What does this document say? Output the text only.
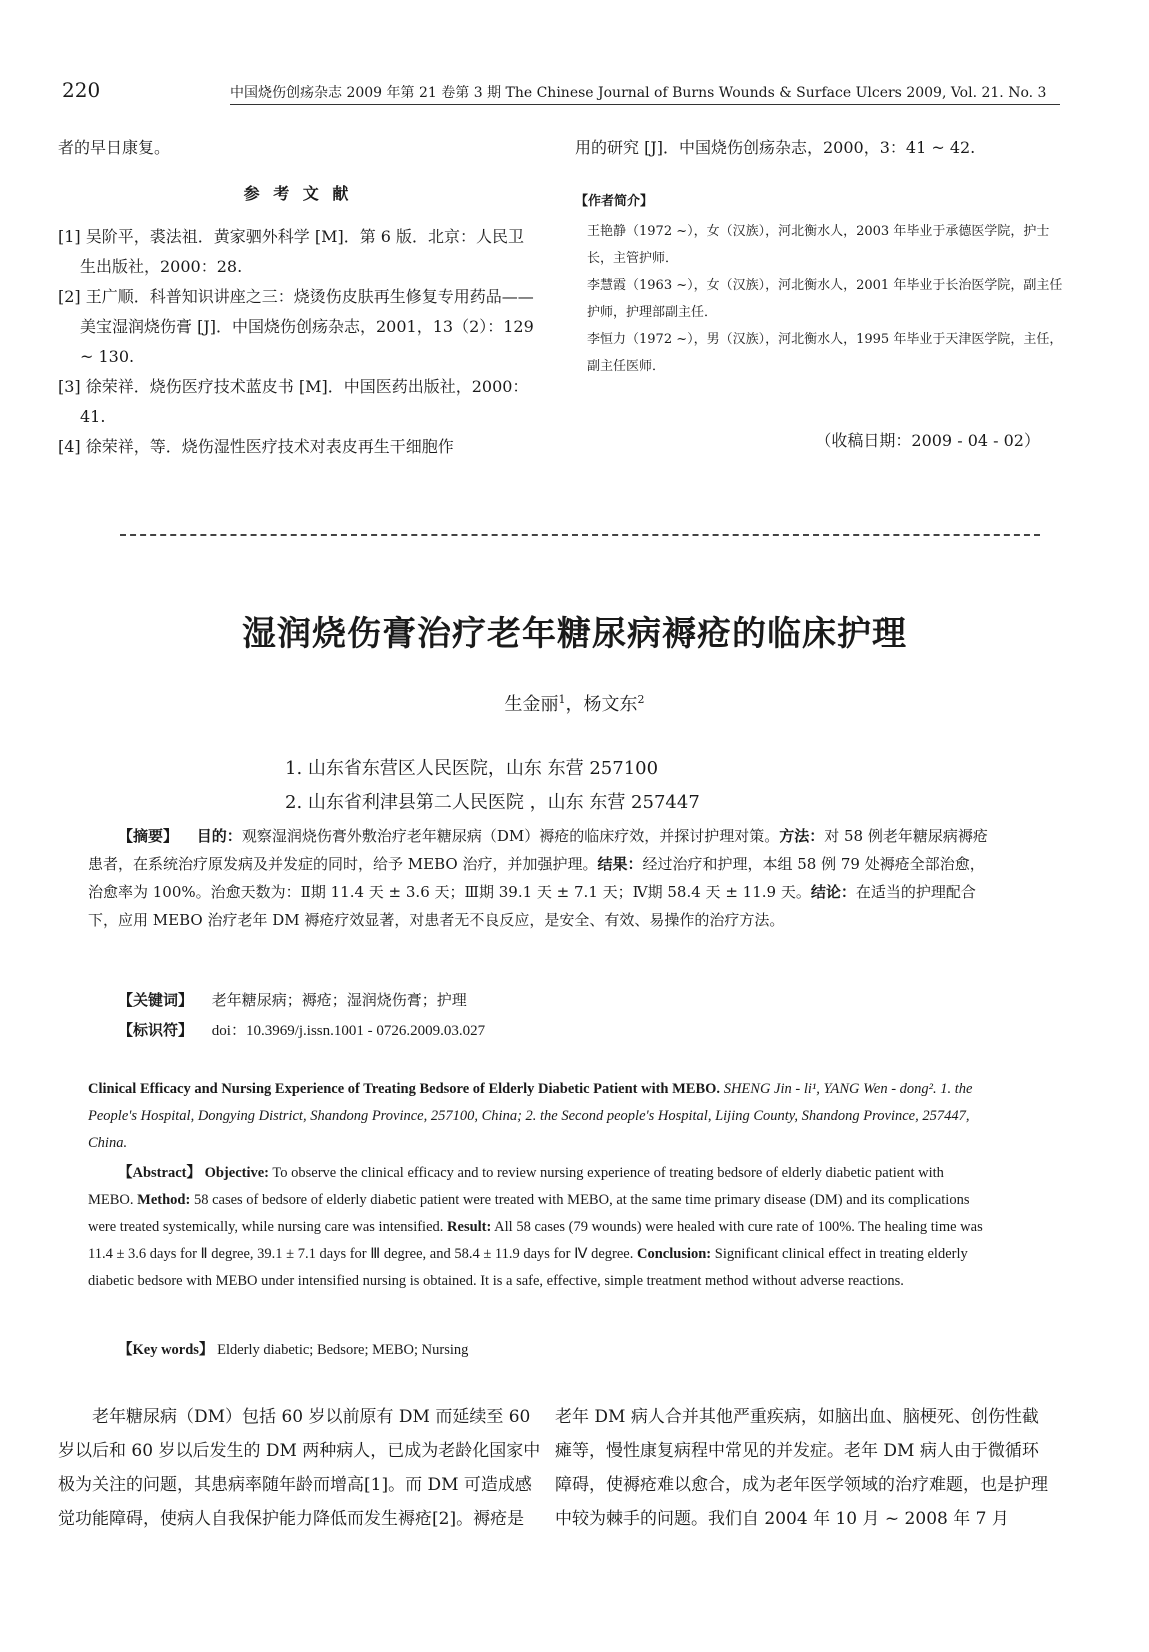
220	中国烧伤创疡杂志 2009 年第 21 卷第 3 期 The Chinese Journal of Burns Wounds & Surface Ulcers 2009, Vol. 21. No. 3
者的早日康复。
参 考 文 献
[1] 吴阶平，裘法祖．黄家驷外科学 [M]．第 6 版．北京：人民卫生出版社，2000：28.
[2] 王广顺．科普知识讲座之三：烧烫伤皮肤再生修复专用药品——美宝湿润烧伤膏 [J]．中国烧伤创疡杂志，2001，13（2）：129 ~ 130.
[3] 徐荣祥．烧伤医疗技术蓝皮书 [M]．中国医药出版社，2000：41.
[4] 徐荣祥，等．烧伤湿性医疗技术对表皮再生干细胞作
用的研究 [J]．中国烧伤创疡杂志，2000，3：41 ~ 42.
【作者简介】
王艳静（1972 ~），女（汉族），河北衡水人，2003 年毕业于承德医学院，护士长，主管护师．
李慧霞（1963 ~），女（汉族），河北衡水人，2001 年毕业于长治医学院，副主任护师，护理部副主任．
李恒力（1972 ~），男（汉族），河北衡水人，1995 年毕业于天津医学院，主任，副主任医师．
（收稿日期：2009 - 04 - 02）
湿润烧伤膏治疗老年糖尿病褥疮的临床护理
生金丽$^1$，杨文东$^2$
1. 山东省东营区人民医院，山东 东营 257100
2. 山东省利津县第二人民医院 ，山东 东营 257447
【摘要】 目的：观察湿润烧伤膏外敷治疗老年糖尿病（DM）褥疮的临床疗效，并探讨护理对策。方法：对 58 例老年糖尿病褥疮患者，在系统治疗原发病及并发症的同时，给予 MEBO 治疗，并加强护理。结果：经过治疗和护理，本组 58 例 79 处褥疮全部治愈，治愈率为 100%。治愈天数为：Ⅱ期 11.4 天 ± 3.6 天；Ⅲ期 39.1 天 ± 7.1 天；Ⅳ期 58.4 天 ± 11.9 天。结论：在适当的护理配合下，应用 MEBO 治疗老年 DM 褥疮疗效显著，对患者无不良反应，是安全、有效、易操作的治疗方法。
【关键词】 老年糖尿病；褥疮；湿润烧伤膏；护理
【标识符】 doi：10.3969/j.issn.1001 - 0726.2009.03.027
Clinical Efficacy and Nursing Experience of Treating Bedsore of Elderly Diabetic Patient with MEBO. SHENG Jin - li¹, YANG Wen - dong². 1. the People's Hospital, Dongying District, Shandong Province, 257100, China; 2. the Second people's Hospital, Lijing County, Shandong Province, 257447, China.
【Abstract】 Objective: To observe the clinical efficacy and to review nursing experience of treating bedsore of elderly diabetic patient with MEBO. Method: 58 cases of bedsore of elderly diabetic patient were treated with MEBO, at the same time primary disease (DM) and its complications were treated systemically, while nursing care was intensified. Result: All 58 cases (79 wounds) were healed with cure rate of 100%. The healing time was 11.4 ± 3.6 days for Ⅱ degree, 39.1 ± 7.1 days for Ⅲ degree, and 58.4 ± 11.9 days for Ⅳ degree. Conclusion: Significant clinical effect in treating elderly diabetic bedsore with MEBO under intensified nursing is obtained. It is a safe, effective, simple treatment method without adverse reactions.
【Key words】 Elderly diabetic; Bedsore; MEBO; Nursing
老年糖尿病（DM）包括 60 岁以前原有 DM 而延续至 60 岁以后和 60 岁以后发生的 DM 两种病人，已成为老龄化国家中极为关注的问题，其患病率随年龄而增高[1]。而 DM 可造成感觉功能障碍，使病人自我保护能力降低而发生褥疮[2]。褥疮是
老年 DM 病人合并其他严重疾病，如脑出血、脑梗死、创伤性截瘫等，慢性康复病程中常见的并发症。老年 DM 病人由于微循环障碍，使褥疮难以愈合，成为老年医学领域的治疗难题，也是护理中较为棘手的问题。我们自 2004 年 10 月 ~ 2008 年 7 月
